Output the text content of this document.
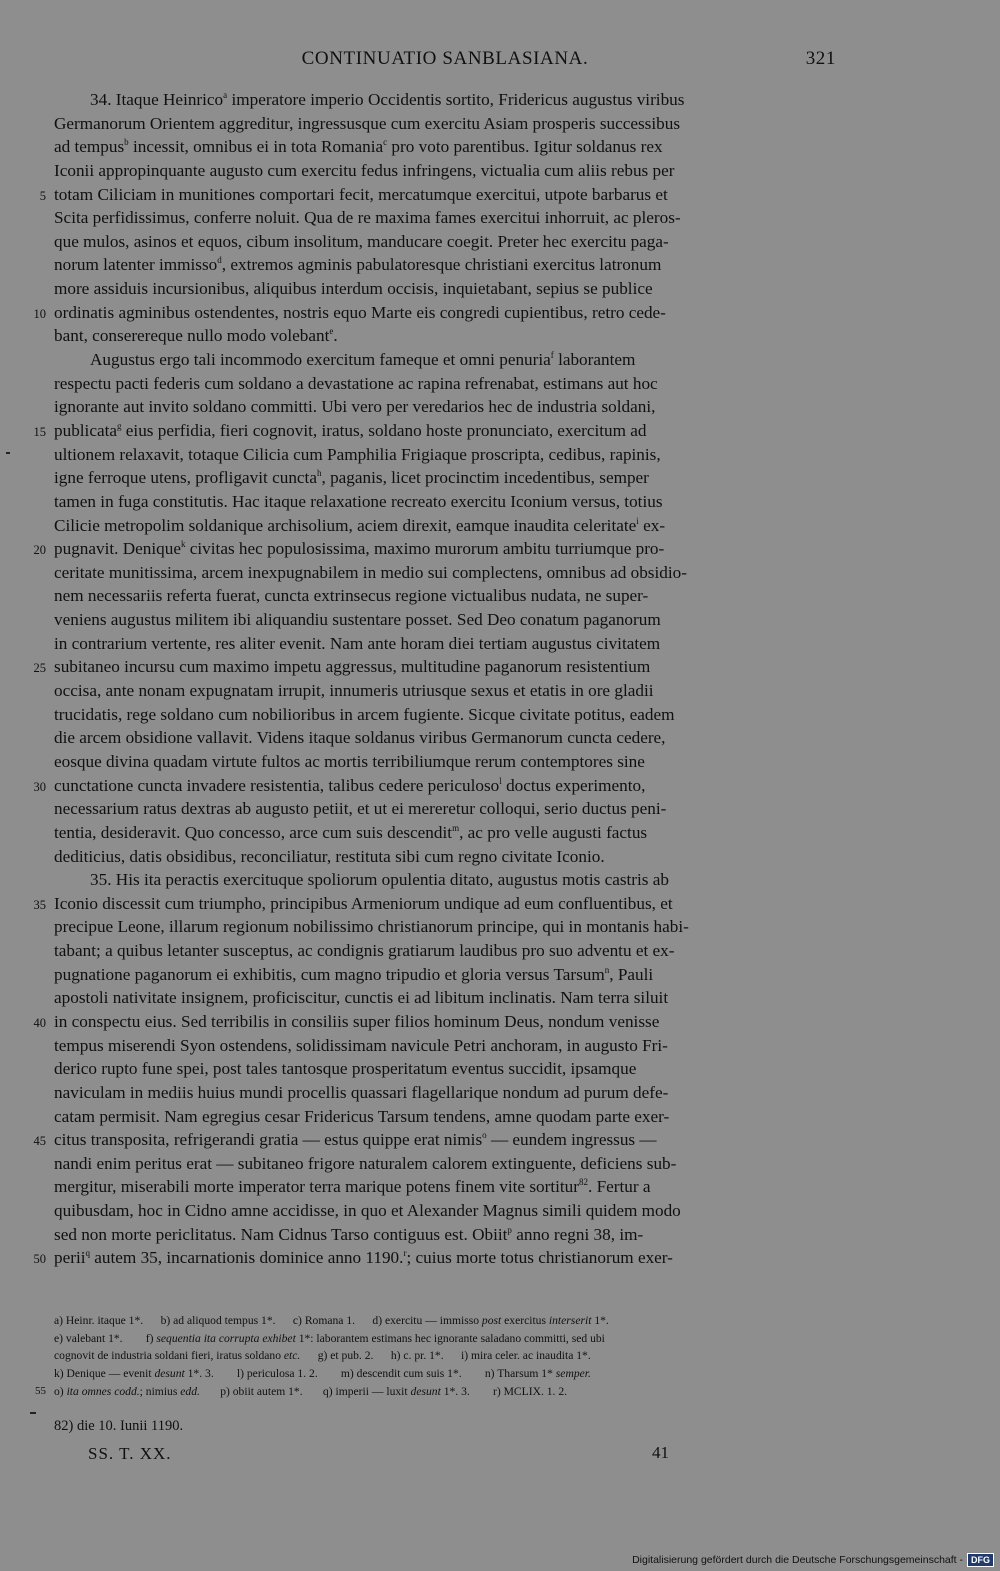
CONTINUATIO SANBLASIANA.	321
34. Itaque Heinrico$^a$ imperatore imperio Occidentis sortito, Fridericus augustus viribus
Germanorum Orientem aggreditur, ingressusque cum exercitu Asiam prosperis successibus
ad tempus$^b$ incessit, omnibus ei in tota Romania$^c$ pro voto parentibus. Igitur soldanus rex
Iconii appropinquante augusto cum exercitu fedus infringens, victualia cum aliis rebus per
5 totam Ciliciam in munitiones comportari fecit, mercatumque exercitui, utpote barbarus et
Scita perfidissimus, conferre noluit. Qua de re maxima fames exercitui inhorruit, ac pleros-
que mulos, asinos et equos, cibum insolitum, manducare coegit. Preter hec exercitu paga-
norum latenter immisso$^d$, extremos agminis pabulatoresque christiani exercitus latronum
more assiduis incursionibus, aliquibus interdum occisis, inquietabant, sepius se publice
10 ordinatis agminibus ostendentes, nostris equo Marte eis congredi cupientibus, retro cede-
bant, conserereque nullo modo volebant$^e$.
Augustus ergo tali incommodo exercitum fameque et omni penuria$^f$ laborantem
respectu pacti federis cum soldano a devastatione ac rapina refrenabat, estimans aut hoc
ignorante aut invito soldano committi. Ubi vero per veredarios hec de industria soldani,
15 publicata$^g$ eius perfidia, fieri cognovit, iratus, soldano hoste pronunciato, exercitum ad
ultionem relaxavit, totaque Cilicia cum Pamphilia Frigiaque proscripta, cedibus, rapinis,
igne ferroque utens, profligavit cuncta$^h$, paganis, licet procinctim incedentibus, semper
tamen in fuga constitutis. Hac itaque relaxatione recreato exercitu Iconium versus, totius
Cilicie metropolim soldanique archisolium, aciem direxit, eamque inaudita celeritate$^i$ ex-
20 pugnavit. Denique$^k$ civitas hec populosissima, maximo murorum ambitu turriumque pro-
ceritate munitissima, arcem inexpugnabilem in medio sui complectens, omnibus ad obsidio-
nem necessariis referta fuerat, cuncta extrinsecus regione victualibus nudata, ne super-
veniens augustus militem ibi aliquandiu sustentare posset. Sed Deo conatum paganorum
in contrarium vertente, res aliter evenit. Nam ante horam diei tertiam augustus civitatem
25 subitaneo incursu cum maximo impetu aggressus, multitudine paganorum resistentium
occisa, ante nonam expugnatam irrupit, innumeris utriusque sexus et etatis in ore gladii
trucidatis, rege soldano cum nobilioribus in arcem fugiente. Sicque civitate potitus, eadem
die arcem obsidione vallavit. Videns itaque soldanus viribus Germanorum cuncta cedere,
eosque divina quadam virtute fultos ac mortis terribiliumque rerum contemptores sine
30 cunctatione cuncta invadere resistentia, talibus cedere periculoso$^l$ doctus experimento,
necessarium ratus dextras ab augusto petiit, et ut ei mereretur colloqui, serio ductus peni-
tentia, desideravit. Quo concesso, arce cum suis descendit$^m$, ac pro velle augusti factus
dediticius, datis obsidibus, reconciliatur, restituta sibi cum regno civitate Iconio.
35. His ita peractis exercituque spoliorum opulentia ditato, augustus motis castris ab
35 Iconio discessit cum triumpho, principibus Armeniorum undique ad eum confluentibus, et
precipue Leone, illarum regionum nobilissimo christianorum principe, qui in montanis habi-
tabant; a quibus letanter susceptus, ac condignis gratiarum laudibus pro suo adventu et ex-
pugnatione paganorum ei exhibitis, cum magno tripudio et gloria versus Tarsum$^n$, Pauli
apostoli nativitate insignem, proficiscitur, cunctis ei ad libitum inclinatis. Nam terra siluit
40 in conspectu eius. Sed terribilis in consiliis super filios hominum Deus, nondum venisse
tempus miserendi Syon ostendens, solidissimam navicule Petri anchoram, in augusto Fri-
derico rupto fune spei, post tales tantosque prosperitatum eventus succidit, ipsamque
naviculam in mediis huius mundi procellis quassari flagellarique nondum ad purum defe-
catam permisit. Nam egregius cesar Fridericus Tarsum tendens, amne quodam parte exer-
45 citus transposita, refrigerandi gratia — estus quippe erat nimis$^o$ — eundem ingressus —
nandi enim peritus erat — subitaneo frigore naturalem calorem extinguente, deficiens sub-
mergitur, miserabili morte imperator terra marique potens finem vite sortitur$^{82}$. Fertur a
quibusdam, hoc in Cidno amne accidisse, in quo et Alexander Magnus simili quidem modo
sed non morte periclitatus. Nam Cidnus Tarso contiguus est. Obiit$^p$ anno regni 38, im-
50 perii$^q$ autem 35, incarnationis dominice anno 1190.$^r$; cuius morte totus christianorum exer-
a) Heinr. itaque 1*.      b) ad aliquod tempus 1*.      c) Romana 1.      d) exercitu — immisso post exercitus interserit 1*.
e) valebant 1*.        f) sequentia ita corrupta exhibet 1*: laborantem estimans hec ignorante saladano committi, sed ubi
cognovit de industria soldani fieri, iratus soldano etc.      g) et pub. 2.      h) c. pr. 1*.      i) mira celer. ac inaudita 1*.
k) Denique — evenit desunt 1*. 3.        l) periculosa 1. 2.        m) descendit cum suis 1*.        n) Tharsum 1* semper.
55 o) ita omnes codd.; nimius edd.       p) obiit autem 1*.       q) imperii — luxit desunt 1*. 3.        r) MCLIX. 1. 2.
82) die 10. Iunii 1190.
SS. T. XX.	41
Digitalisierung gefördert durch die Deutsche Forschungsgemeinschaft - DFG
